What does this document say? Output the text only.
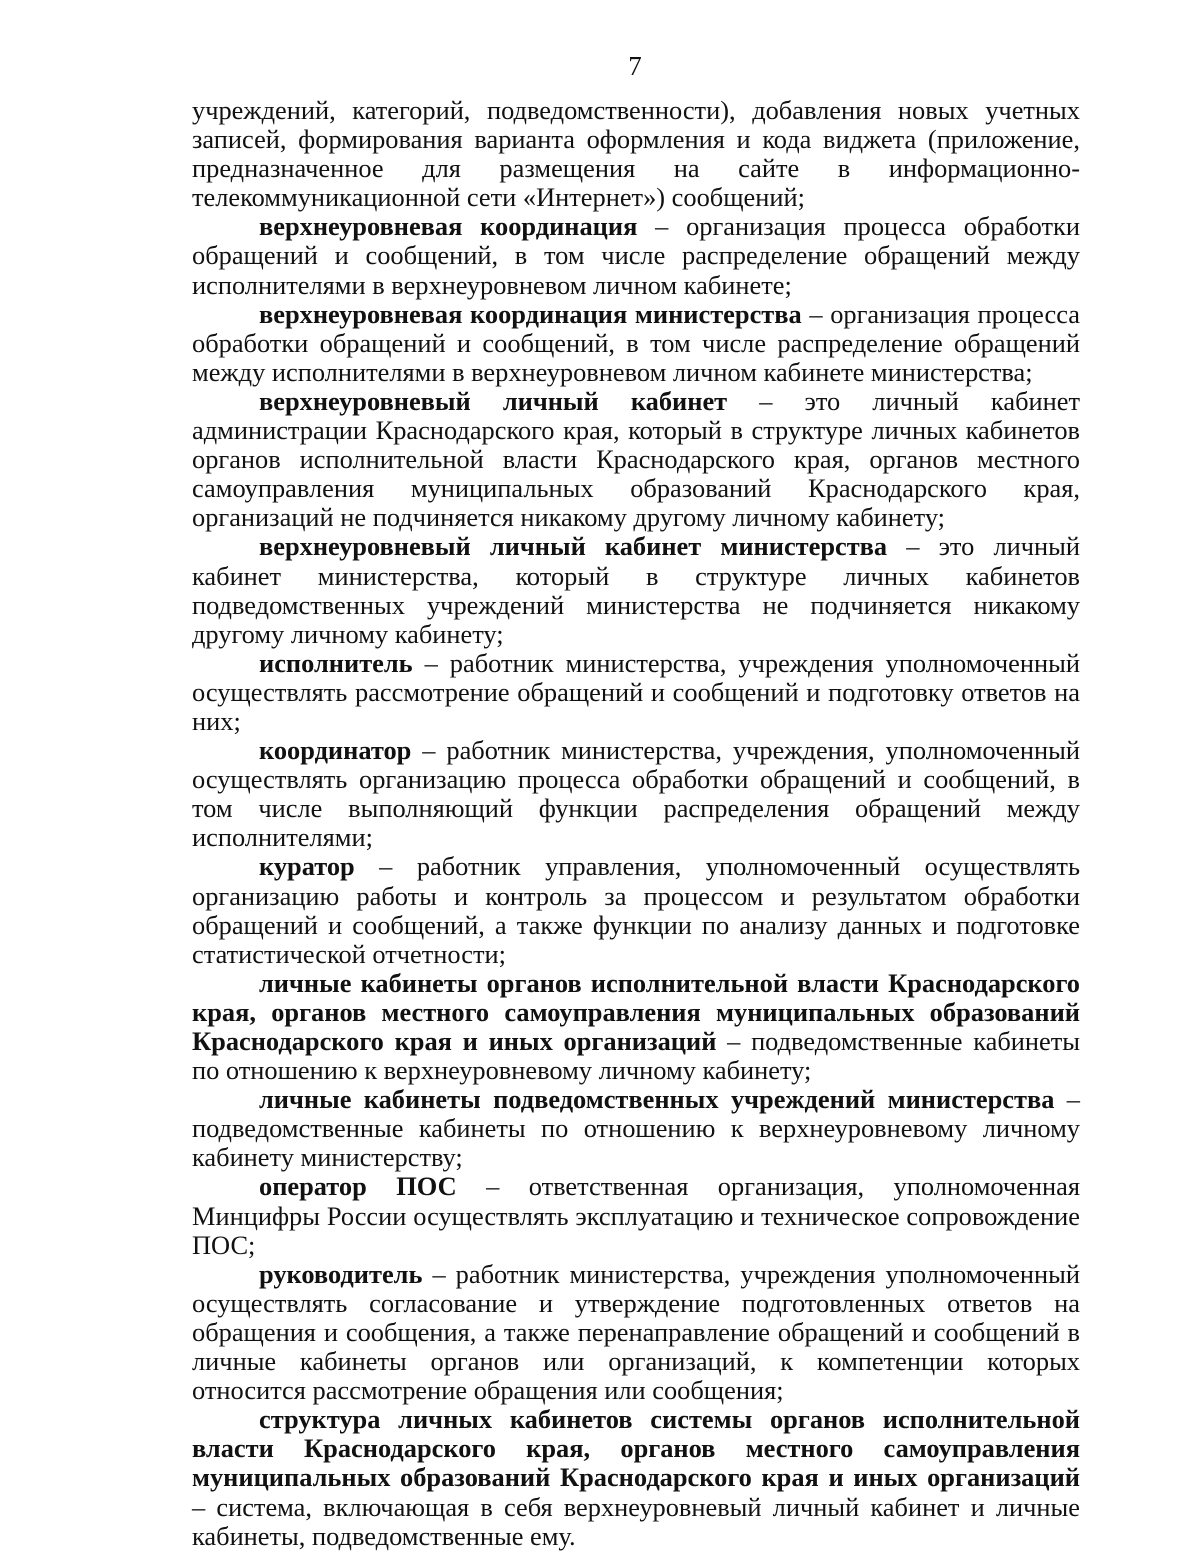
7

учреждений, категорий, подведомственности), добавления новых учетных записей, формирования варианта оформления и кода виджета (приложение, предназначенное для размещения на сайте в информационно-телекоммуникационной сети «Интернет») сообщений;

верхнеуровневая координация – организация процесса обработки обращений и сообщений, в том числе распределение обращений между исполнителями в верхнеуровневом личном кабинете;

верхнеуровневая координация министерства – организация процесса обработки обращений и сообщений, в том числе распределение обращений между исполнителями в верхнеуровневом личном кабинете министерства;

верхнеуровневый личный кабинет – это личный кабинет администрации Краснодарского края, который в структуре личных кабинетов органов исполнительной власти Краснодарского края, органов местного самоуправления муниципальных образований Краснодарского края, организаций не подчиняется никакому другому личному кабинету;

верхнеуровневый личный кабинет министерства – это личный кабинет министерства, который в структуре личных кабинетов подведомственных учреждений министерства не подчиняется никакому другому личному кабинету;

исполнитель – работник министерства, учреждения уполномоченный осуществлять рассмотрение обращений и сообщений и подготовку ответов на них;

координатор – работник министерства, учреждения, уполномоченный осуществлять организацию процесса обработки обращений и сообщений, в том числе выполняющий функции распределения обращений между исполнителями;

куратор – работник управления, уполномоченный осуществлять организацию работы и контроль за процессом и результатом обработки обращений и сообщений, а также функции по анализу данных и подготовке статистической отчетности;

личные кабинеты органов исполнительной власти Краснодарского края, органов местного самоуправления муниципальных образований Краснодарского края и иных организаций – подведомственные кабинеты по отношению к верхнеуровневому личному кабинету;

личные кабинеты подведомственных учреждений министерства – подведомственные кабинеты по отношению к верхнеуровневому личному кабинету министерству;

оператор ПОС – ответственная организация, уполномоченная Минцифры России осуществлять эксплуатацию и техническое сопровождение ПОС;

руководитель – работник министерства, учреждения уполномоченный осуществлять согласование и утверждение подготовленных ответов на обращения и сообщения, а также перенаправление обращений и сообщений в личные кабинеты органов или организаций, к компетенции которых относится рассмотрение обращения или сообщения;

структура личных кабинетов системы органов исполнительной власти Краснодарского края, органов местного самоуправления муниципальных образований Краснодарского края и иных организаций – система, включающая в себя верхнеуровневый личный кабинет и личные кабинеты, подведомственные ему.
